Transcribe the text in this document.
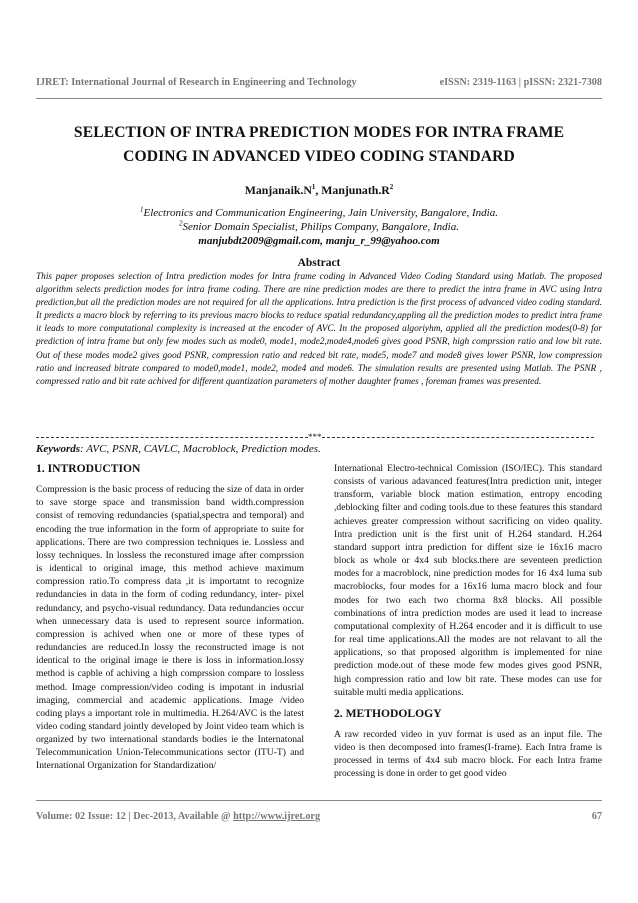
IJRET: International Journal of Research in Engineering and Technology	eISSN: 2319-1163 | pISSN: 2321-7308
SELECTION OF INTRA PREDICTION MODES FOR INTRA FRAME
CODING IN ADVANCED VIDEO CODING STANDARD
$Manjanaik.N^1$, $Manjunath.R^2$
$^1$Electronics and Communication Engineering, Jain University, Bangalore, India.
$^2$Senior Domain Specialist, Philips Company, Bangalore, India.
manjubdt2009@gmail.com, manju_r_99@yahoo.com
Abstract
This paper proposes selection of Intra prediction modes for Intra frame coding in Advanced Video Coding Standard using Matlab. The proposed algorithm selects prediction modes for intra frame coding. There are nine prediction modes are there to predict the intra frame in AVC using Intra prediction,but all the prediction modes are not required for all the applications. Intra prediction is the first process of advanced video coding standard. It predicts a macro block by referring to its previous macro blocks to reduce spatial redundancy,appling all the prediction modes to predict intra frame it leads to more computational complexity is increased at the encoder of AVC. In the proposed algoriyhm, applied all the prediction modes(0-8) for prediction of intra frame but only few modes such as mode0, mode1, mode2,mode4,mode6 gives good PSNR, high comprssion ratio and low bit rate. Out of these modes mode2 gives good PSNR, compression ratio and redced bit rate, mode5, mode7 and mode8 gives lower PSNR, low compression ratio and increased bitrate compared to mode0,mode1, mode2, mode4 and mode6. The simulation results are presented using Matlab. The PSNR , compressed ratio and bit rate achived for different quantization parameters of mother daughter frames , foreman frames was presented.
***
Keywords: AVC, PSNR, CAVLC, Macroblock, Prediction modes.
1. INTRODUCTION

Compression is the basic process of reducing the size of data in order to save storge space and transmission band width.compression consist of removing redundancies (spatial,spectra and temporal) and encoding the true information in the form of appropriate to suite for applications. There are two compression techniques ie. Lossless and lossy techniques. In lossless the reconstured image after comprssion is identical to original image, this method achieve maximum compression ratio.To compress data ,it is importatnt to recognize redundancies in data in the form of coding redundancy, inter- pixel redundancy, and psycho-visual redundancy. Data redundancies occur when unnecessary data is used to represent source information. compression is achived when one or more of these types of redundancies are reduced.In lossy the reconstructed image is not identical to the original image ie there is loss in information.lossy method is capble of achiving a high comprssion compare to lossless method. Image compression/video coding is impotant in indusrial imaging, commercial and academic applications. Image /video coding plays a important role in multimedia. H.264/AVC is the latest video coding standard jointly developed by Joint video team which is organized by two international standards bodies ie the Internatonal Telecommunication Union-Telecommunications sector (ITU-T) and International Organization for Standardization/

International Electro-technical Comission (ISO/IEC). This standard consists of various adavanced features(Intra prediction unit, integer transform, variable block mation estimation, entropy encoding ,deblocking filter and coding tools.due to these features this standard achieves greater compression without sacrificing on video quality. Intra prediction unit is the first unit of H.264 standard. H.264 standard support intra prediction for diffent size ie 16x16 macro block as whole or 4x4 sub blocks.there are seventeen prediction modes for a macroblock, nine prediction modes for 16 4x4 luma sub macroblocks, four modes for a 16x16 luma macro block and four modes for two each two chorma 8x8 blocks. All possible combinations of intra prediction modes are used it lead to increase computational complexity of H.264 encoder and it is difficult to use for real time applications.All the modes are not relavant to all the applications, so that proposed algorithm is implemented for nine prediction mode.out of these mode few modes gives good PSNR, high compression ratio and low bit rate. These modes can use for suitable multi media applications.

2. METHODOLOGY

A raw recorded video in yuv format is used as an input file. The video is then decomposed into frames(I-frame). Each Intra frame is processed in terms of 4x4 sub macro block. For each Intra frame processing is done in order to get good video

Volume: 02 Issue: 12 | Dec-2013, Available @ http://www.ijret.org	67
